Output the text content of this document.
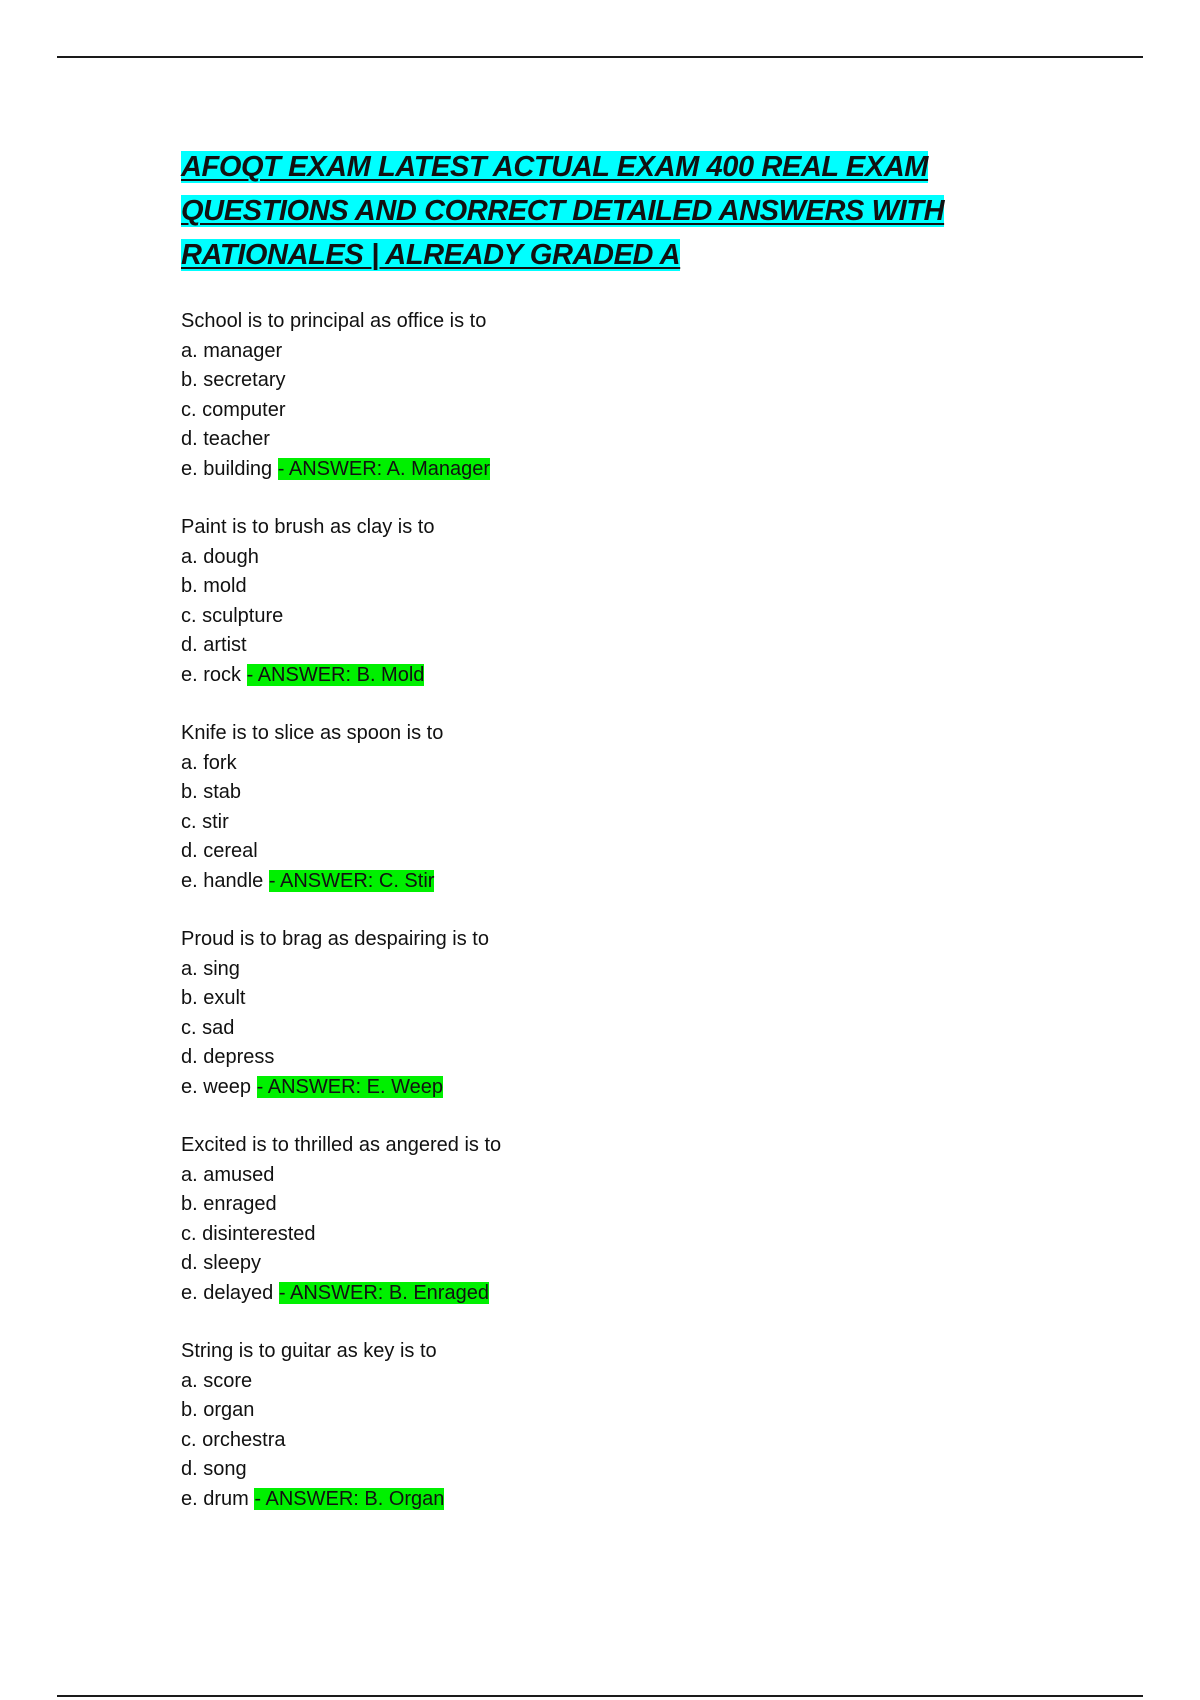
AFOQT EXAM LATEST ACTUAL EXAM 400 REAL EXAM QUESTIONS AND CORRECT DETAILED ANSWERS WITH RATIONALES | ALREADY GRADED A
School is to principal as office is to
a. manager
b. secretary
c. computer
d. teacher
e. building - ANSWER: A. Manager
Paint is to brush as clay is to
a. dough
b. mold
c. sculpture
d. artist
e. rock - ANSWER: B. Mold
Knife is to slice as spoon is to
a. fork
b. stab
c. stir
d. cereal
e. handle - ANSWER: C. Stir
Proud is to brag as despairing is to
a. sing
b. exult
c. sad
d. depress
e. weep - ANSWER: E. Weep
Excited is to thrilled as angered is to
a. amused
b. enraged
c. disinterested
d. sleepy
e. delayed - ANSWER: B. Enraged
String is to guitar as key is to
a. score
b. organ
c. orchestra
d. song
e. drum - ANSWER: B. Organ
